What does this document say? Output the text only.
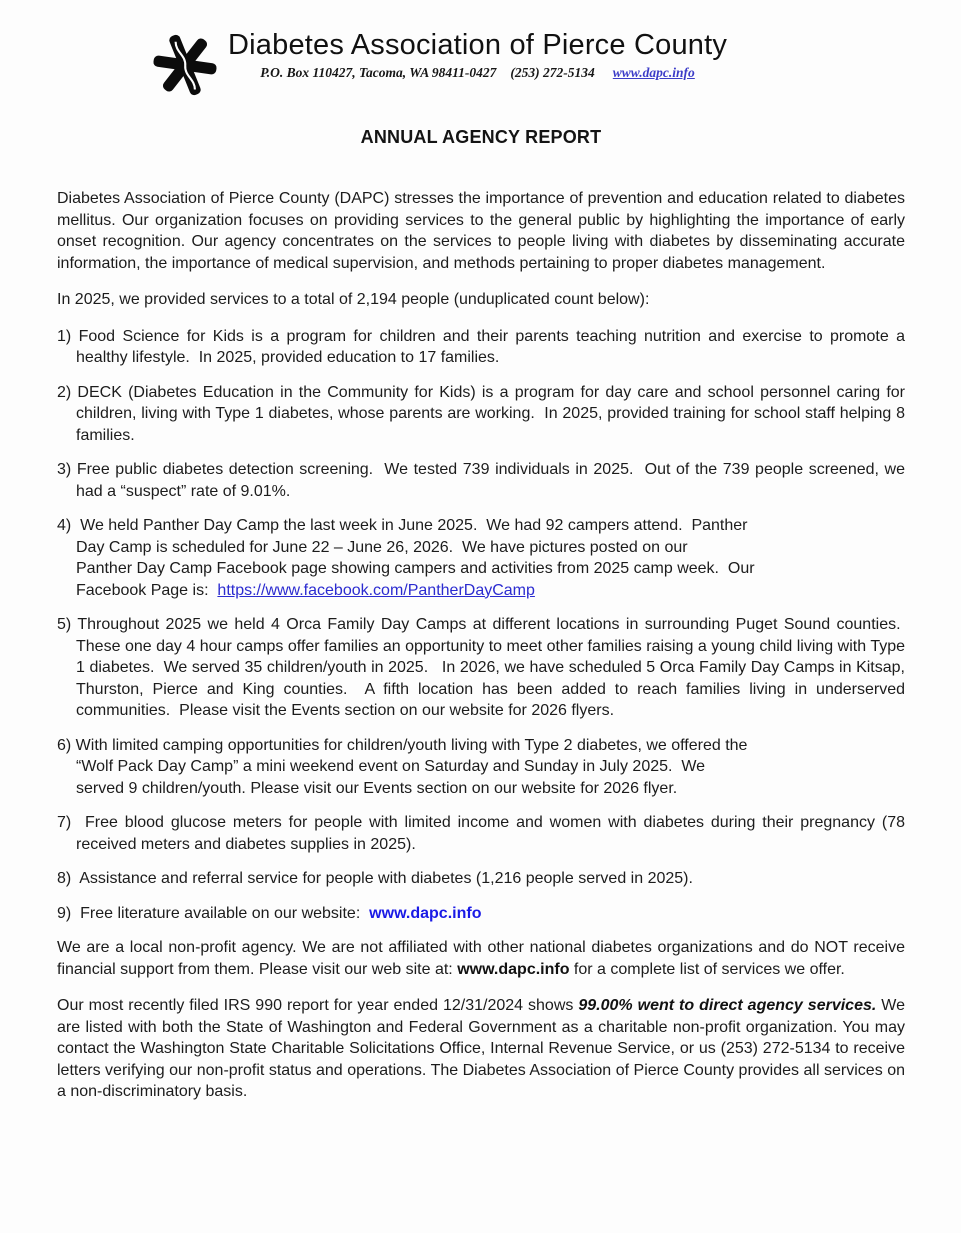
Diabetes Association of Pierce County
P.O. Box 110427, Tacoma, WA 98411-0427 (253) 272-5134 www.dapc.info
ANNUAL AGENCY REPORT

Diabetes Association of Pierce County (DAPC) stresses the importance of prevention and education related to diabetes mellitus. Our organization focuses on providing services to the general public by highlighting the importance of early onset recognition. Our agency concentrates on the services to people living with diabetes by disseminating accurate information, the importance of medical supervision, and methods pertaining to proper diabetes management.

In 2025, we provided services to a total of 2,194 people (unduplicated count below):

1) Food Science for Kids is a program for children and their parents teaching nutrition and exercise to promote a healthy lifestyle.  In 2025, provided education to 17 families.
2) DECK (Diabetes Education in the Community for Kids) is a program for day care and school personnel caring for children, living with Type 1 diabetes, whose parents are working.  In 2025, provided training for school staff helping 8 families.
3) Free public diabetes detection screening.  We tested 739 individuals in 2025.  Out of the 739 people screened, we had a “suspect” rate of 9.01%.
4)  We held Panther Day Camp the last week in June 2025.  We had 92 campers attend.  Panther
Day Camp is scheduled for June 22 – June 26, 2026.  We have pictures posted on our
Panther Day Camp Facebook page showing campers and activities from 2025 camp week.  Our
Facebook Page is:  https://www.facebook.com/PantherDayCamp
5) Throughout 2025 we held 4 Orca Family Day Camps at different locations in surrounding Puget Sound counties.  These one day 4 hour camps offer families an opportunity to meet other families raising a young child living with Type 1 diabetes.  We served 35 children/youth in 2025.   In 2026, we have scheduled 5 Orca Family Day Camps in Kitsap, Thurston, Pierce and King counties.  A fifth location has been added to reach families living in underserved communities.  Please visit the Events section on our website for 2026 flyers.
6) With limited camping opportunities for children/youth living with Type 2 diabetes, we offered the
“Wolf Pack Day Camp” a mini weekend event on Saturday and Sunday in July 2025.  We
served 9 children/youth. Please visit our Events section on our website for 2026 flyer.
7)  Free blood glucose meters for people with limited income and women with diabetes during their pregnancy (78 received meters and diabetes supplies in 2025).
8)  Assistance and referral service for people with diabetes (1,216 people served in 2025).
9)  Free literature available on our website:  www.dapc.info

We are a local non-profit agency. We are not affiliated with other national diabetes organizations and do NOT receive financial support from them. Please visit our web site at: www.dapc.info for a complete list of services we offer.

Our most recently filed IRS 990 report for year ended 12/31/2024 shows 99.00% went to direct agency services. We are listed with both the State of Washington and Federal Government as a charitable non-profit organization. You may contact the Washington State Charitable Solicitations Office, Internal Revenue Service, or us (253) 272-5134 to receive letters verifying our non-profit status and operations. The Diabetes Association of Pierce County provides all services on a non-discriminatory basis.
